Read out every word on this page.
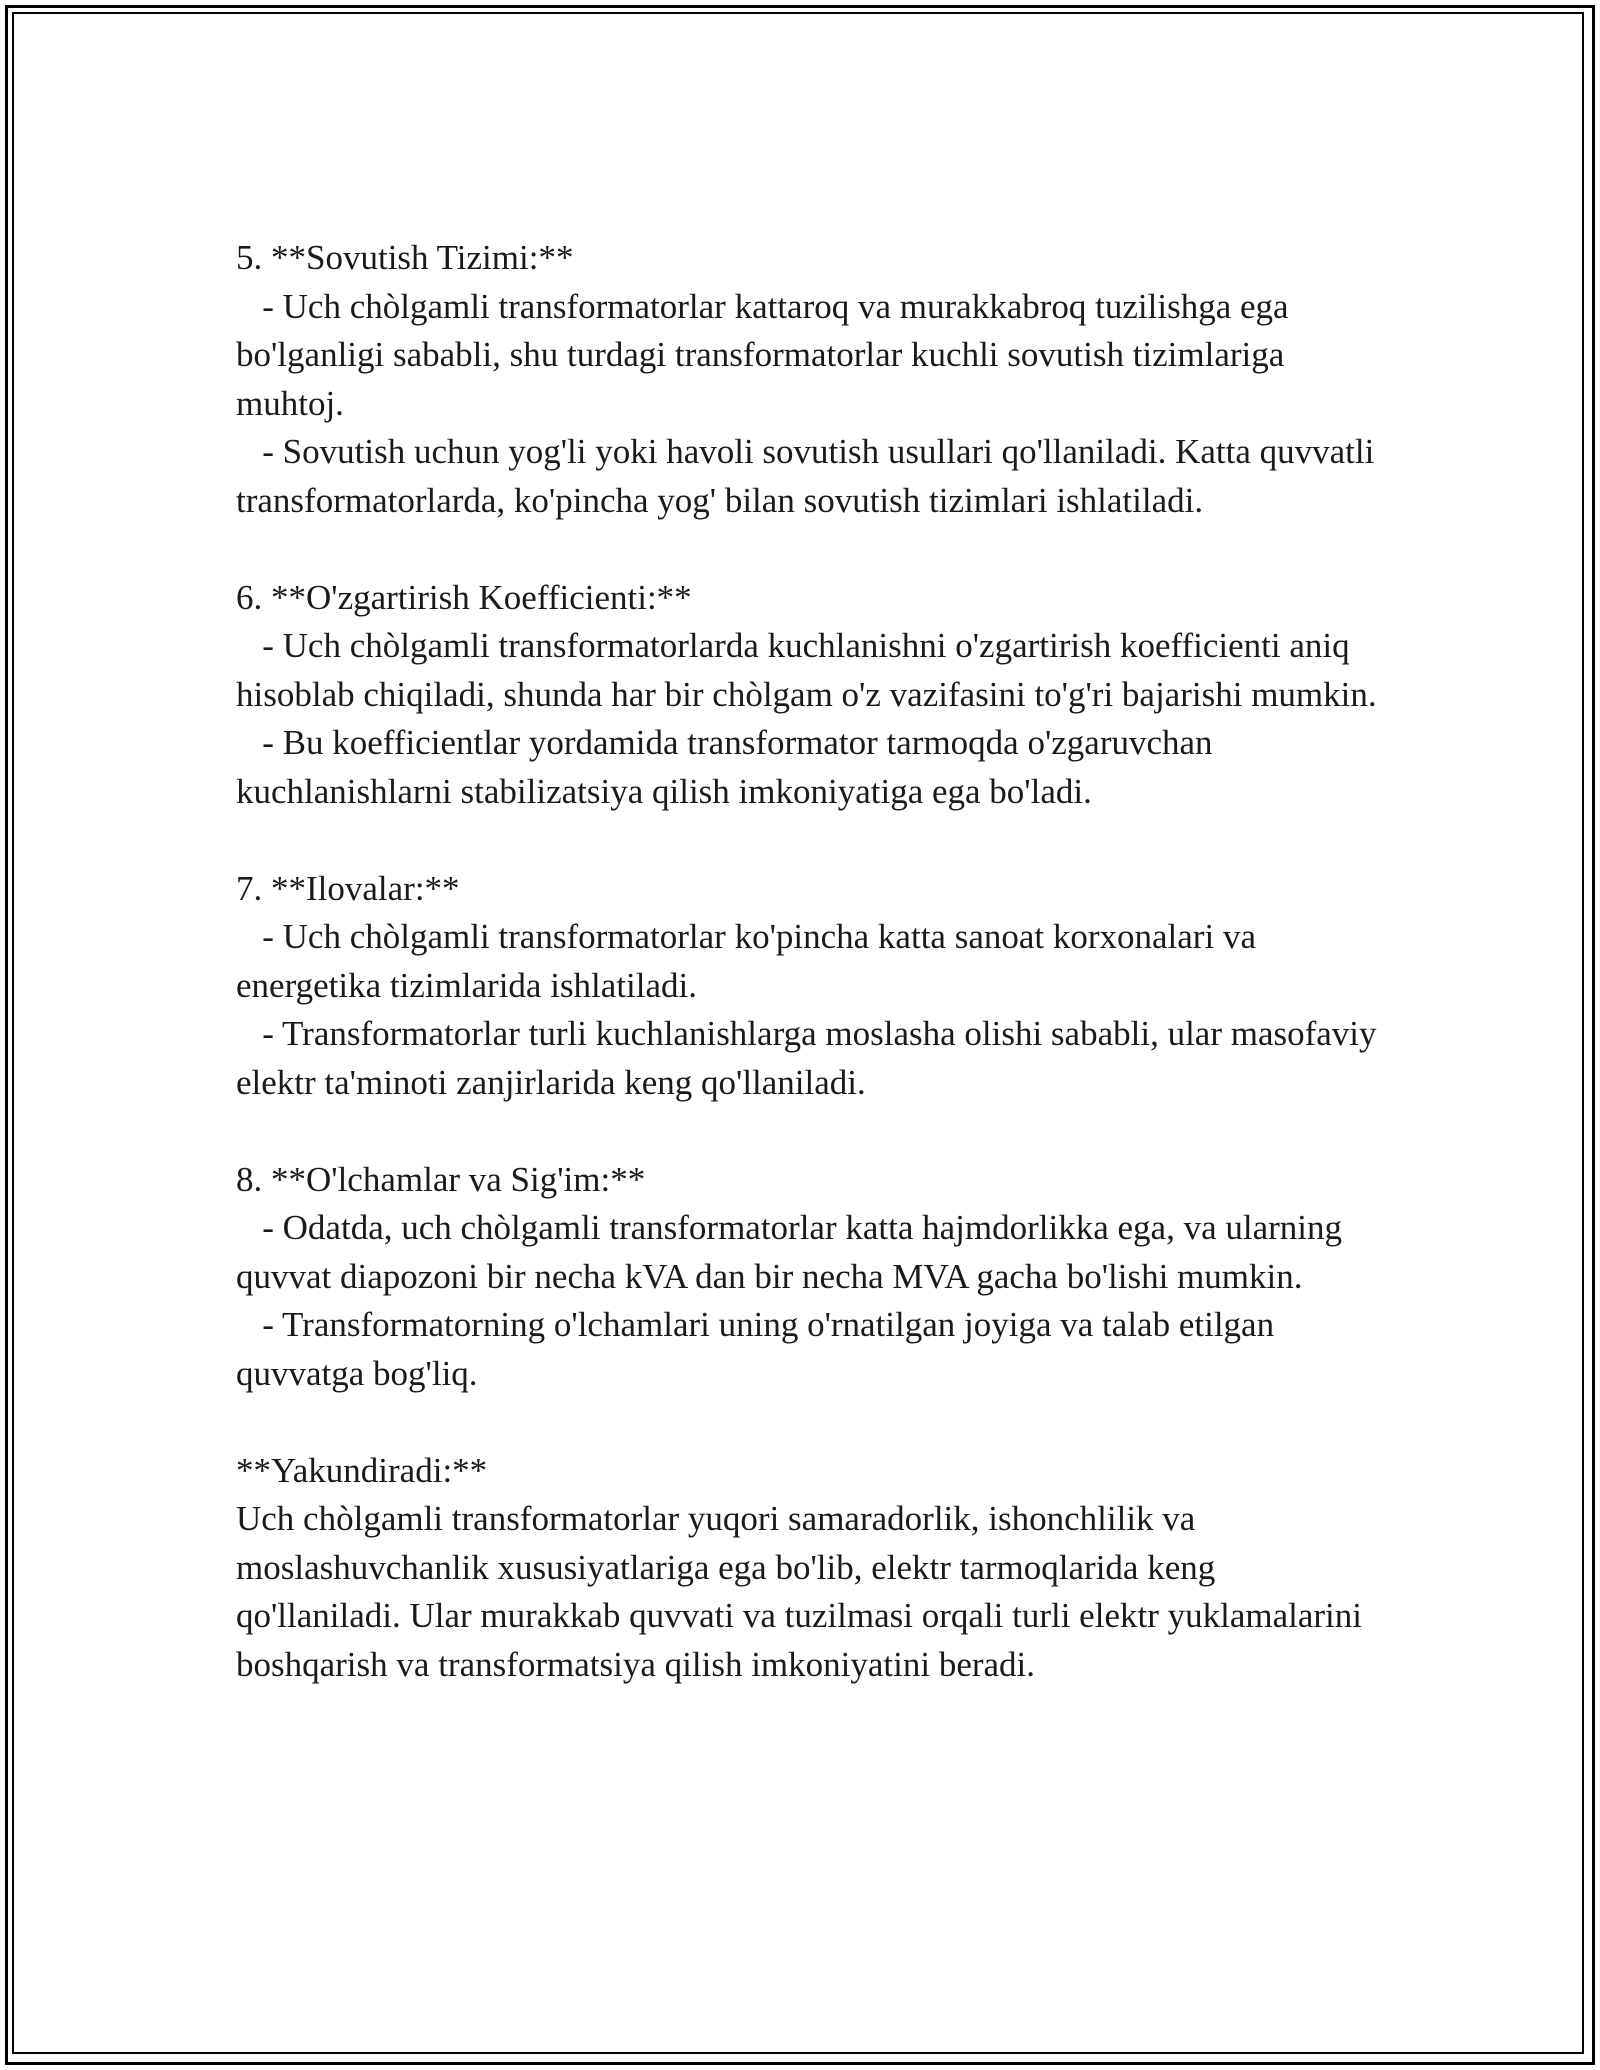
5. **Sovutish Tizimi:**
- Uch chòlgamli transformatorlar kattaroq va murakkabroq tuzilishga ega bo'lganligi sababli, shu turdagi transformatorlar kuchli sovutish tizimlariga muhtoj.
- Sovutish uchun yog'li yoki havoli sovutish usullari qo'llaniladi. Katta quvvatli transformatorlarda, ko'pincha yog' bilan sovutish tizimlari ishlatiladi.
6. **O'zgartirish Koefficienti:**
- Uch chòlgamli transformatorlarda kuchlanishni o'zgartirish koefficienti aniq hisoblab chiqiladi, shunda har bir chòlgam o'z vazifasini to'g'ri bajarishi mumkin.
- Bu koefficientlar yordamida transformator tarmoqda o'zgaruvchan kuchlanishlarni stabilizatsiya qilish imkoniyatiga ega bo'ladi.
7. **Ilovalar:**
- Uch chòlgamli transformatorlar ko'pincha katta sanoat korxonalari va energetika tizimlarida ishlatiladi.
- Transformatorlar turli kuchlanishlarga moslasha olishi sababli, ular masofaviy elektr ta'minoti zanjirlarida keng qo'llaniladi.
8. **O'lchamlar va Sig'im:**
- Odatda, uch chòlgamli transformatorlar katta hajmdorlikka ega, va ularning quvvat diapozoni bir necha kVA dan bir necha MVA gacha bo'lishi mumkin.
- Transformatorning o'lchamlari uning o'rnatilgan joyiga va talab etilgan quvvatga bog'liq.
**Yakundiradi:**
Uch chòlgamli transformatorlar yuqori samaradorlik, ishonchlilik va moslashuvchanlik xususiyatlariga ega bo'lib, elektr tarmoqlarida keng qo'llaniladi. Ular murakkab quvvati va tuzilmasi orqali turli elektr yuklamalarini boshqarish va transformatsiya qilish imkoniyatini beradi.
